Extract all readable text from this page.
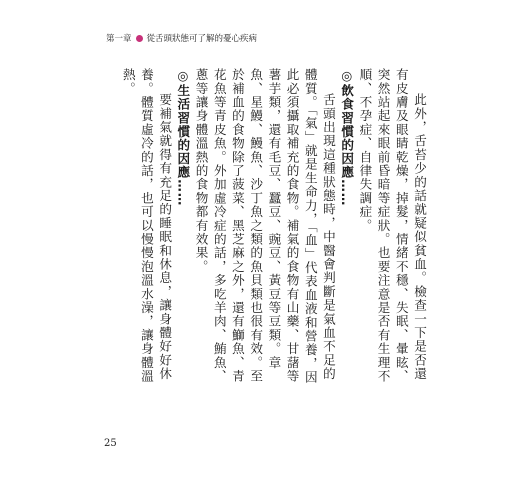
第一章 從舌頭狀態可了解的憂心疾病

此外，舌苔少的話就疑似貧血。檢查一下是否還有皮膚及眼睛乾燥，掉髮，情緒不穩、失眠、暈眩、突然站起來眼前昏暗等症狀。也要注意是否有生理不順、不孕症、自律失調症。

◎飲食習慣的因應……

舌頭出現這種狀態時，中醫會判斷是氣血不足的體質。「氣」就是生命力，「血」代表血液和營養，因此必須攝取補充的食物。補氣的食物有山藥、甘藷等薯芋類，還有毛豆、蠶豆、豌豆、黃豆等豆類。章魚、星鰻、鰻魚、沙丁魚之類的魚貝類也很有效。至於補血的食物除了菠菜、黑芝麻之外，還有鰤魚、青花魚等青皮魚。外加虛冷症的話，多吃羊肉、鮪魚、蔥等讓身體溫熱的食物都有效果。

◎生活習慣的因應……

要補氣就得有充足的睡眠和休息，讓身體好好休養。體質虛冷的話，也可以慢慢泡溫水澡，讓身體溫熱。

25
